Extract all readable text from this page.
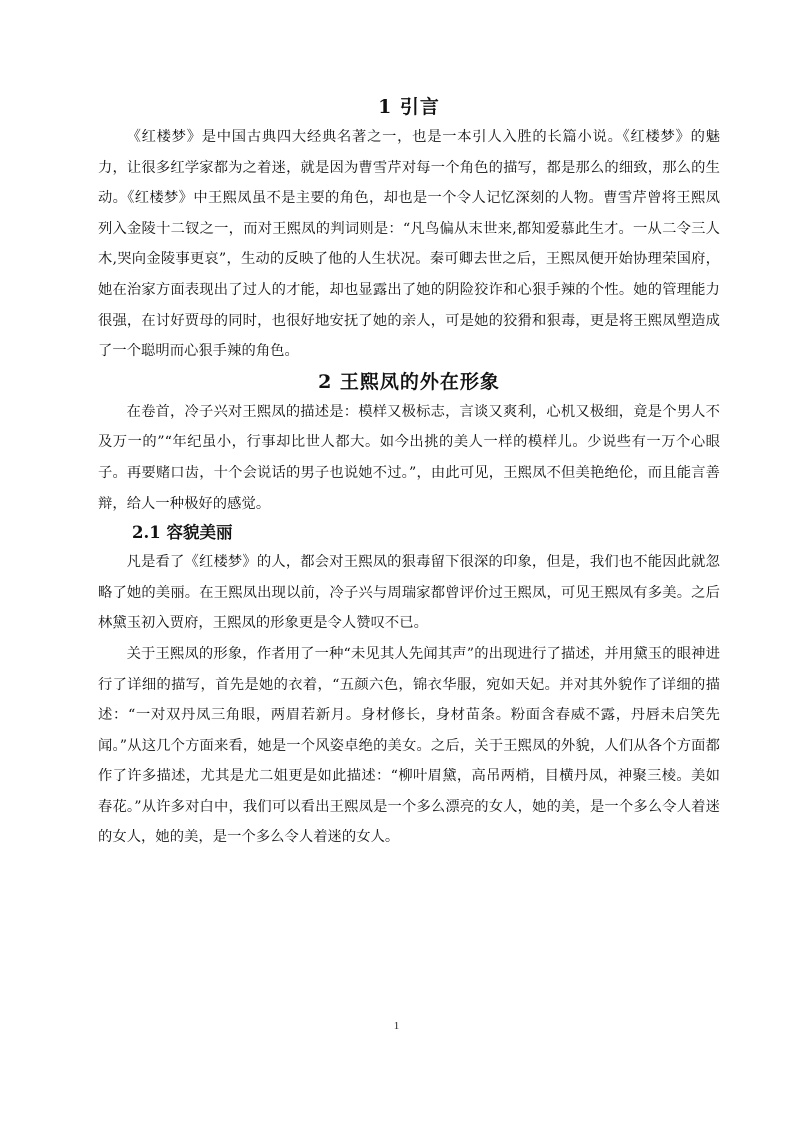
1 引言

《红楼梦》是中国古典四大经典名著之一，也是一本引人入胜的长篇小说。《红楼梦》的魅力，让很多红学家都为之着迷，就是因为曹雪芹对每一个角色的描写，都是那么的细致，那么的生动。《红楼梦》中王熙凤虽不是主要的角色，却也是一个令人记忆深刻的人物。曹雪芹曾将王熙凤列入金陵十二钗之一，而对王熙凤的判词则是：“凡鸟偏从末世来,都知爱慕此生才。一从二令三人木,哭向金陵事更哀”，生动的反映了他的人生状况。秦可卿去世之后，王熙凤便开始协理荣国府，她在治家方面表现出了过人的才能，却也显露出了她的阴险狡诈和心狠手辣的个性。她的管理能力很强，在讨好贾母的同时，也很好地安抚了她的亲人，可是她的狡猾和狠毒，更是将王熙凤塑造成了一个聪明而心狠手辣的角色。

2 王熙凤的外在形象

在卷首，冷子兴对王熙凤的描述是：模样又极标志，言谈又爽利，心机又极细，竟是个男人不及万一的”“年纪虽小，行事却比世人都大。如今出挑的美人一样的模样儿。少说些有一万个心眼子。再要赌口齿，十个会说话的男子也说她不过。”，由此可见，王熙凤不但美艳绝伦，而且能言善辩，给人一种极好的感觉。

2.1 容貌美丽

凡是看了《红楼梦》的人，都会对王熙凤的狠毒留下很深的印象，但是，我们也不能因此就忽略了她的美丽。在王熙凤出现以前，冷子兴与周瑞家都曾评价过王熙凤，可见王熙凤有多美。之后林黛玉初入贾府，王熙凤的形象更是令人赞叹不已。

关于王熙凤的形象，作者用了一种“未见其人先闻其声”的出现进行了描述，并用黛玉的眼神进行了详细的描写，首先是她的衣着，“五颜六色，锦衣华服，宛如天妃。并对其外貌作了详细的描述：“一对双丹凤三角眼，两眉若新月。身材修长，身材苗条。粉面含春威不露，丹唇未启笑先闻。”从这几个方面来看，她是一个风姿卓绝的美女。之后，关于王熙凤的外貌，人们从各个方面都作了许多描述，尤其是尤二姐更是如此描述：“柳叶眉黛，高吊两梢，目横丹凤，神聚三棱。美如春花。”从许多对白中，我们可以看出王熙凤是一个多么漂亮的女人，她的美，是一个多么令人着迷的女人，她的美，是一个多么令人着迷的女人。

1
